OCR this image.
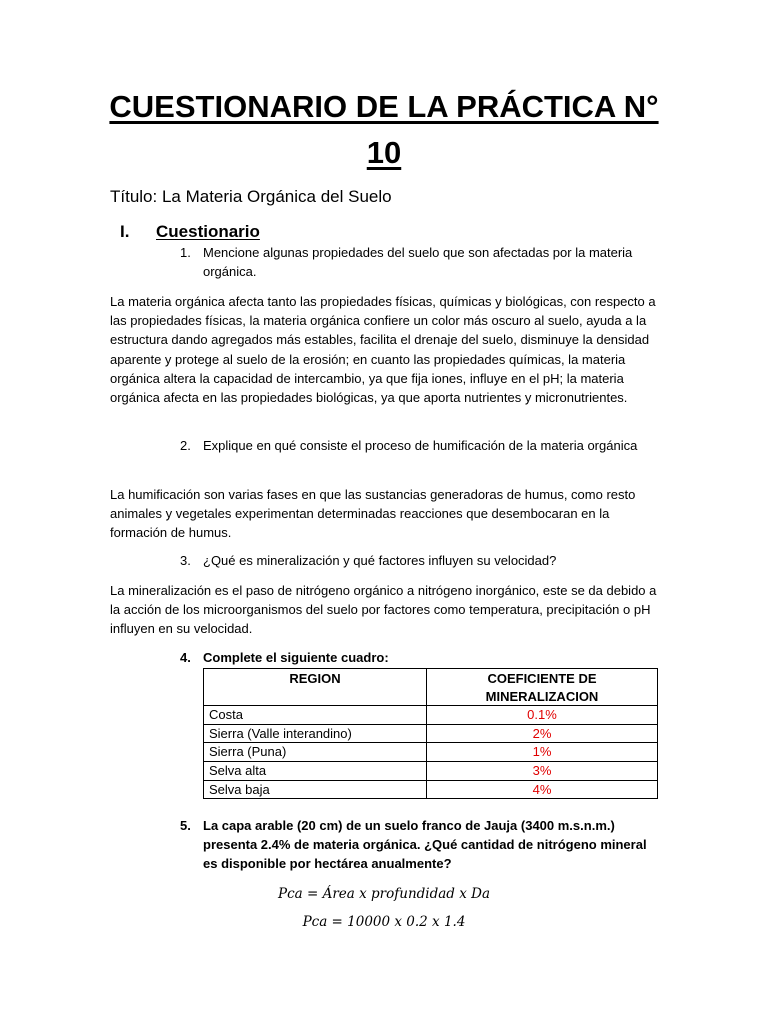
CUESTIONARIO DE LA PRÁCTICA N°
10
Título: La Materia Orgánica del Suelo
I. Cuestionario
1. Mencione algunas propiedades del suelo que son afectadas por la materia orgánica.
La materia orgánica afecta tanto las propiedades físicas, químicas y biológicas, con respecto a las propiedades físicas, la materia orgánica confiere un color más oscuro al suelo, ayuda a la estructura dando agregados más estables, facilita el drenaje del suelo, disminuye la densidad aparente y protege al suelo de la erosión; en cuanto las propiedades químicas, la materia orgánica altera la capacidad de intercambio, ya que fija iones, influye en el pH; la materia orgánica afecta en las propiedades biológicas, ya que aporta nutrientes y micronutrientes.
2. Explique en qué consiste el proceso de humificación de la materia orgánica
La humificación son varias fases en que las sustancias generadoras de humus, como resto animales y vegetales experimentan determinadas reacciones que desembocaran en la formación de humus.
3. ¿Qué es mineralización y qué factores influyen su velocidad?
La mineralización es el paso de nitrógeno orgánico a nitrógeno inorgánico, este se da debido a la acción de los microorganismos del suelo por factores como temperatura, precipitación o pH influyen en su velocidad.
4. Complete el siguiente cuadro:
REGION	COEFICIENTE DE MINERALIZACION
Costa	0.1%
Sierra (Valle interandino)	2%
Sierra (Puna)	1%
Selva alta	3%
Selva baja	4%
5. La capa arable (20 cm) de un suelo franco de Jauja (3400 m.s.n.m.) presenta 2.4% de materia orgánica. ¿Qué cantidad de nitrógeno mineral es disponible por hectárea anualmente?
Pca = Área x profundidad x Da
Pca = 10000 x 0.2 x 1.4
